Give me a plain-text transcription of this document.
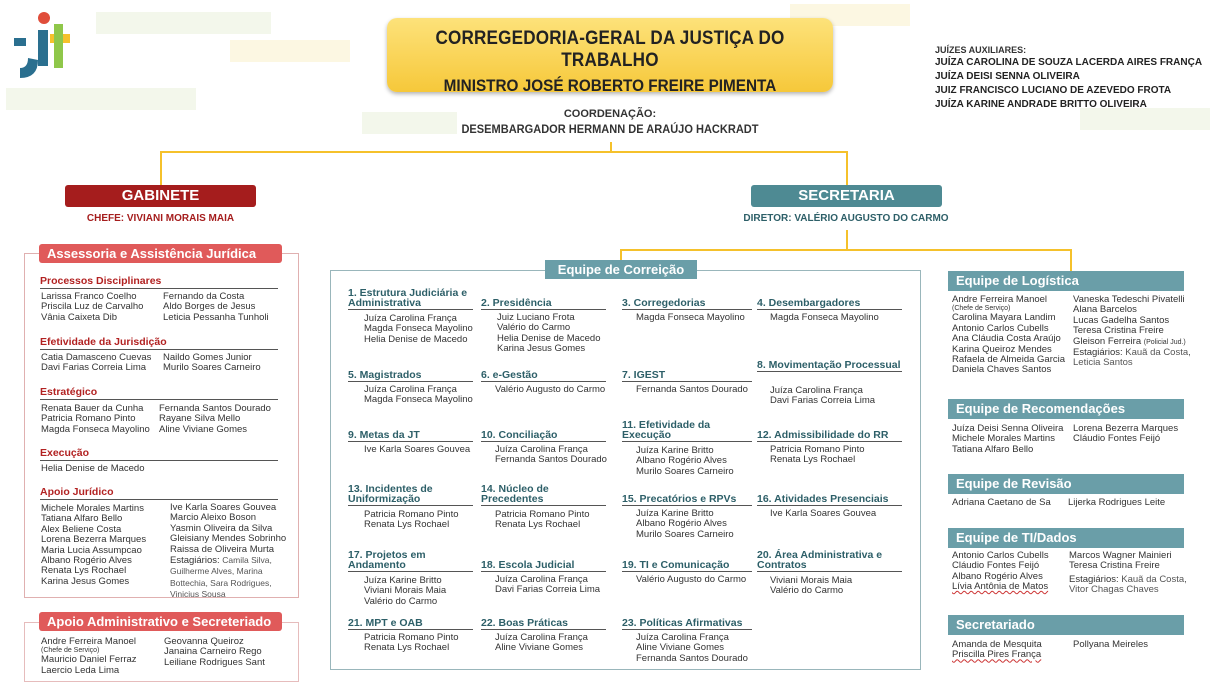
CORREGEDORIA-GERAL DA JUSTIÇA DO TRABALHO
MINISTRO JOSÉ ROBERTO FREIRE PIMENTA
COORDENAÇÃO:
DESEMBARGADOR HERMANN DE ARAÚJO HACKRADT
JUÍZES AUXILIARES:
JUÍZA CAROLINA DE SOUZA LACERDA AIRES FRANÇA
JUÍZA DEISI SENNA OLIVEIRA
JUIZ FRANCISCO LUCIANO DE AZEVEDO FROTA
JUÍZA KARINE ANDRADE BRITTO OLIVEIRA
GABINETE
CHEFE: VIVIANI MORAIS MAIA
Assessoria e Assistência Jurídica
Processos Disciplinares
Larissa Franco Coelho
Priscila Luz de Carvalho
Vânia Caixeta Dib
Fernando da Costa
Aldo Borges de Jesus
Leticia Pessanha Tunholi
Efetividade da Jurisdição
Catia Damasceno Cuevas
Davi Farias Correia Lima
Naildo Gomes Junior
Murilo Soares Carneiro
Estratégico
Renata Bauer da Cunha
Patricia Romano Pinto
Magda Fonseca Mayolino
Fernanda Santos Dourado
Rayane Silva Mello
Aline Viviane Gomes
Execução
Helia Denise de Macedo
Apoio Jurídico
Michele Morales Martins
Tatiana Alfaro Bello
Alex Beliene Costa
Lorena Bezerra Marques
Maria Lucia Assumpcao
Albano Rogério Alves
Renata Lys Rochael
Karina Jesus Gomes
Ive Karla Soares Gouvea
Marcio Aleixo Boson
Yasmin Oliveira da Silva
Gleisiany Mendes Sobrinho
Raissa de Oliveira Murta
Estagiários: Camila Silva, Guilherme Alves, Marina Bottechia, Sara Rodrigues, Vinicius Sousa
Apoio Administrativo e Secreteriado
Andre Ferreira Manoel
(Chefe de Serviço)
Mauricio Daniel Ferraz
Laercio Leda Lima
Geovanna Queiroz
Janaina Carneiro Rego
Leiliane Rodrigues Sant
SECRETARIA
DIRETOR: VALÉRIO AUGUSTO DO CARMO
Equipe de Correição
Equipe de Logística
Andre Ferreira Manoel
(Chefe de Serviço)
Carolina Mayara Landim
Antonio Carlos Cubells
Ana Cláudia Costa Araújo
Karina Queiroz Mendes
Rafaela de Almeida Garcia
Daniela Chaves Santos
Vaneska Tedeschi Pivatelli
Alana Barcelos
Lucas Gadelha Santos
Teresa Cristina Freire
Gleison Ferreira (Policial Jud.)
Estagiários: Kauã da Costa, Leticia Santos
Equipe de Recomendações
Juíza Deisi Senna Oliveira
Michele Morales Martins
Tatiana Alfaro Bello
Lorena Bezerra Marques
Cláudio Fontes Feijó
Equipe de Revisão
Adriana Caetano de Sa Lijerka Rodrigues Leite
Equipe de TI/Dados
Antonio Carlos Cubells
Cláudio Fontes Feijó
Albano Rogério Alves
Lívia Antônia de Matos
Marcos Wagner Mainieri
Teresa Cristina Freire
Estagiários: Kauã da Costa, Vitor Chagas Chaves
Secretariado
Amanda de Mesquita
Priscilla Pires França
Pollyana Meireles
1. Estrutura Judiciária e Administrativa
Juíza Carolina França
Magda Fonseca Mayolino
Helia Denise de Macedo
2. Presidência
Juiz Luciano Frota
Valério do Carmo
Helia Denise de Macedo
Karina Jesus Gomes
3. Corregedorias
Magda Fonseca Mayolino
4. Desembargadores
Magda Fonseca Mayolino
5. Magistrados
Juíza Carolina França
Magda Fonseca Mayolino
6. e-Gestão
Valério Augusto do Carmo
7. IGEST
Fernanda Santos Dourado
8. Movimentação Processual
Juíza Carolina França
Davi Farias Correia Lima
9. Metas da JT
Ive Karla Soares Gouvea
10. Conciliação
Juíza Carolina França
Fernanda Santos Dourado
11. Efetividade da Execução
Juíza Karine Britto
Albano Rogério Alves
Murilo Soares Carneiro
12. Admissibilidade do RR
Patricia Romano Pinto
Renata Lys Rochael
13. Incidentes de Uniformização
Patricia Romano Pinto
Renata Lys Rochael
14. Núcleo de Precedentes
Patricia Romano Pinto
Renata Lys Rochael
15. Precatórios e RPVs
Juíza Karine Britto
Albano Rogério Alves
Murilo Soares Carneiro
16. Atividades Presenciais
Ive Karla Soares Gouvea
17. Projetos em Andamento
Juíza Karine Britto
Viviani Morais Maia
Valério do Carmo
18. Escola Judicial
Juíza Carolina França
Davi Farias Correia Lima
19. TI e Comunicação
Valério Augusto do Carmo
20. Área Administrativa e Contratos
Viviani Morais Maia
Valério do Carmo
21. MPT e OAB
Patricia Romano Pinto
Renata Lys Rochael
22. Boas Práticas
Juíza Carolina França
Aline Viviane Gomes
23. Políticas Afirmativas
Juíza Carolina França
Aline Viviane Gomes
Fernanda Santos Dourado
